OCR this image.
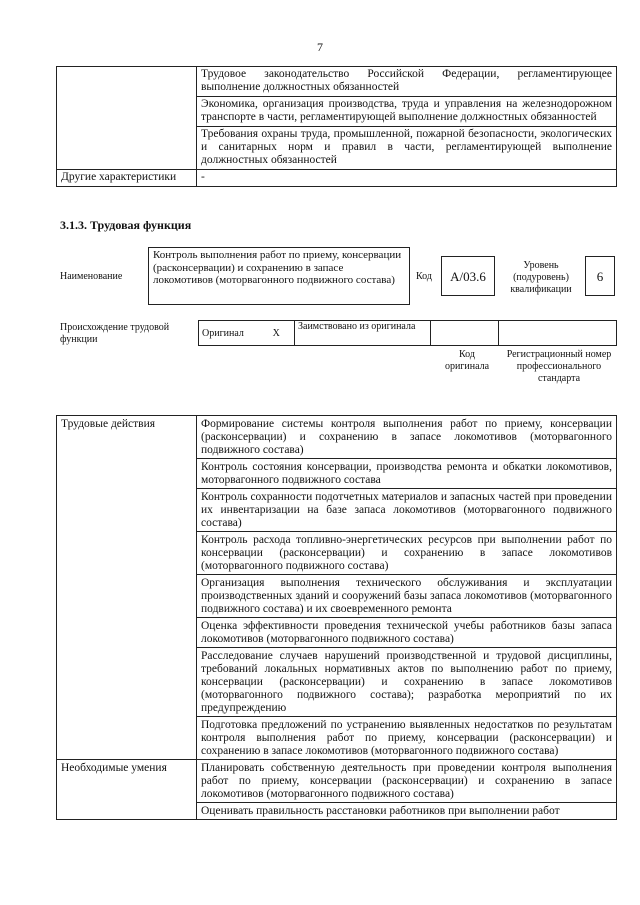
7
	Трудовое законодательство Российской Федерации, регламентирующее выполнение должностных обязанностей
	Экономика, организация производства, труда и управления на железнодорожном транспорте в части, регламентирующей выполнение должностных обязанностей
	Требования охраны труда, промышленной, пожарной безопасности, экологических и санитарных норм и правил в части, регламентирующей выполнение должностных обязанностей
Другие характеристики	-
3.1.3. Трудовая функция
Наименование
Контроль выполнения работ по приему, консервации (расконсервации) и сохранению в запасе локомотивов (моторвагонного подвижного состава)	Код	A/03.6
Уровень (подуровень) квалификации
6
Происхождение трудовой функции
Оригинал	X	Заимствовано из оригинала		
Код оригинала
Регистрационный номер профессионального стандарта
Трудовые действия	Формирование системы контроля выполнения работ по приему, консервации (расконсервации) и сохранению в запасе локомотивов (моторвагонного подвижного состава)
	Контроль состояния консервации, производства ремонта и обкатки локомотивов, моторвагонного подвижного состава
	Контроль сохранности подотчетных материалов и запасных частей при проведении их инвентаризации на базе запаса локомотивов (моторвагонного подвижного состава)
	Контроль расхода топливно-энергетических ресурсов при выполнении работ по консервации (расконсервации) и сохранению в запасе локомотивов (моторвагонного подвижного состава)
	Организация выполнения технического обслуживания и эксплуатации производственных зданий и сооружений базы запаса локомотивов (моторвагонного подвижного состава) и их своевременного ремонта
	Оценка эффективности проведения технической учебы работников базы запаса локомотивов (моторвагонного подвижного состава)
	Расследование случаев нарушений производственной и трудовой дисциплины, требований локальных нормативных актов по выполнению работ по приему, консервации (расконсервации) и сохранению в запасе локомотивов (моторвагонного подвижного состава); разработка мероприятий по их предупреждению
	Подготовка предложений по устранению выявленных недостатков по результатам контроля выполнения работ по приему, консервации (расконсервации) и сохранению в запасе локомотивов (моторвагонного подвижного состава)
Необходимые умения	Планировать собственную деятельность при проведении контроля выполнения работ по приему, консервации (расконсервации) и сохранению в запасе локомотивов (моторвагонного подвижного состава)
	Оценивать правильность расстановки работников при выполнении работ
